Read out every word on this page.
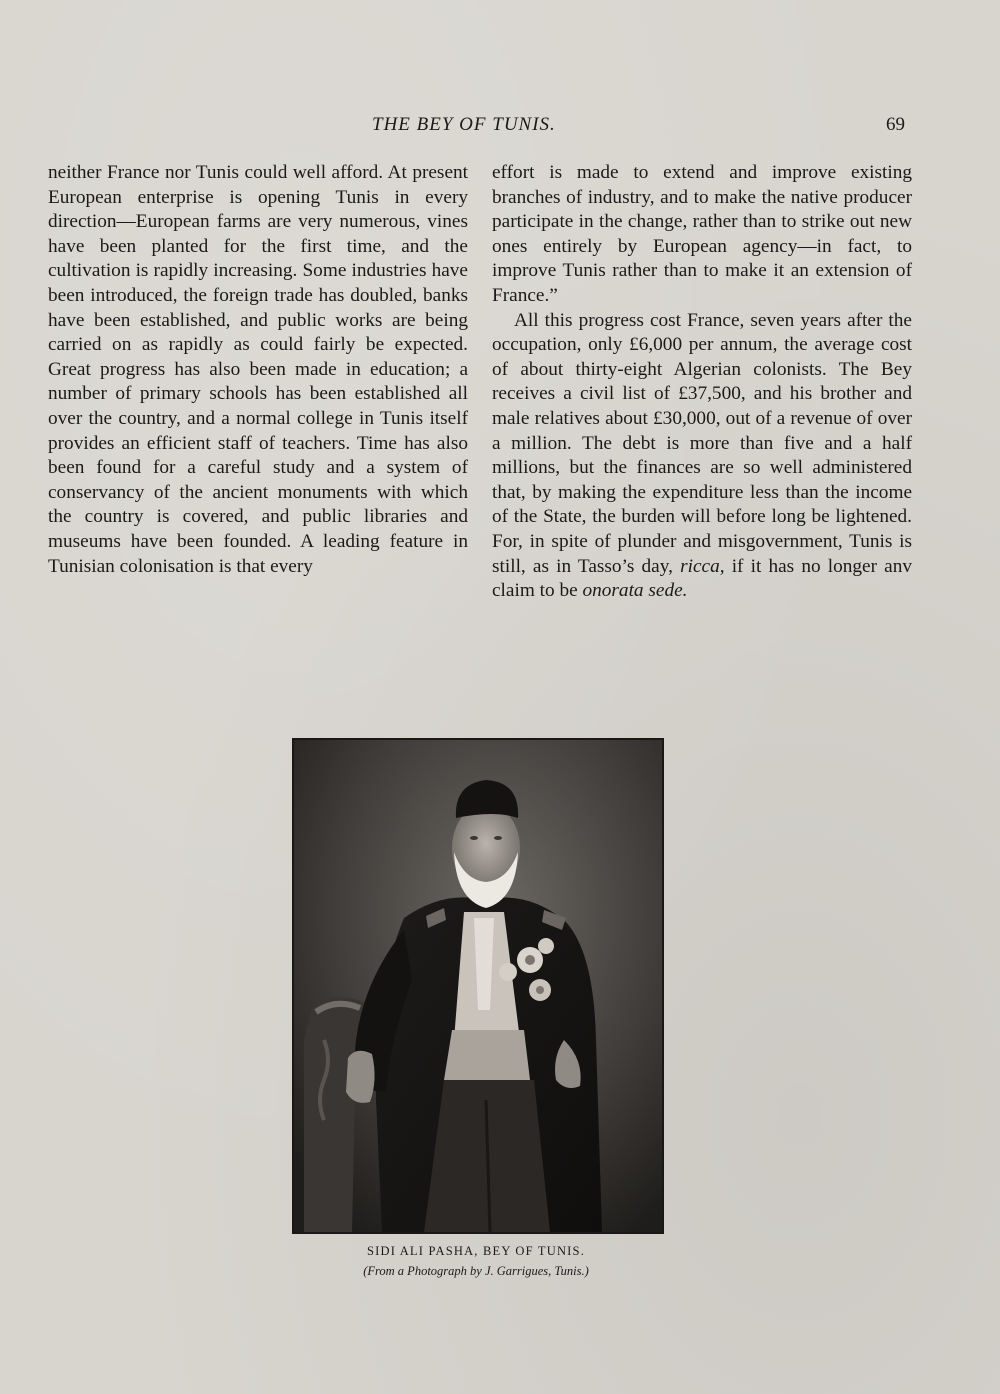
THE BEY OF TUNIS.	69

neither France nor Tunis could well afford. At present European enterprise is opening Tunis in every direction—European farms are very numerous, vines have been planted for the first time, and the cultivation is rapidly increasing. Some industries have been introduced, the foreign trade has doubled, banks have been established, and public works are being carried on as rapidly as could fairly be expected. Great progress has also been made in education; a number of primary schools has been established all over the country, and a normal college in Tunis itself provides an efficient staff of teachers. Time has also been found for a careful study and a system of conservancy of the ancient monuments with which the country is covered, and public libraries and museums have been founded. A leading feature in Tunisian colonisation is that every

effort is made to extend and improve existing branches of industry, and to make the native producer participate in the change, rather than to strike out new ones entirely by European agency—in fact, to improve Tunis rather than to make it an extension of France.”

All this progress cost France, seven years after the occupation, only £6,000 per annum, the average cost of about thirty-eight Algerian colonists. The Bey receives a civil list of £37,500, and his brother and male relatives about £30,000, out of a revenue of over a million. The debt is more than five and a half millions, but the finances are so well administered that, by making the expenditure less than the income of the State, the burden will before long be lightened. For, in spite of plunder and misgovernment, Tunis is still, as in Tasso’s day, ricca, if it has no longer anv claim to be onorata sede.

SIDI ALI PASHA, BEY OF TUNIS.
(From a Photograph by J. Garrigues, Tunis.)
